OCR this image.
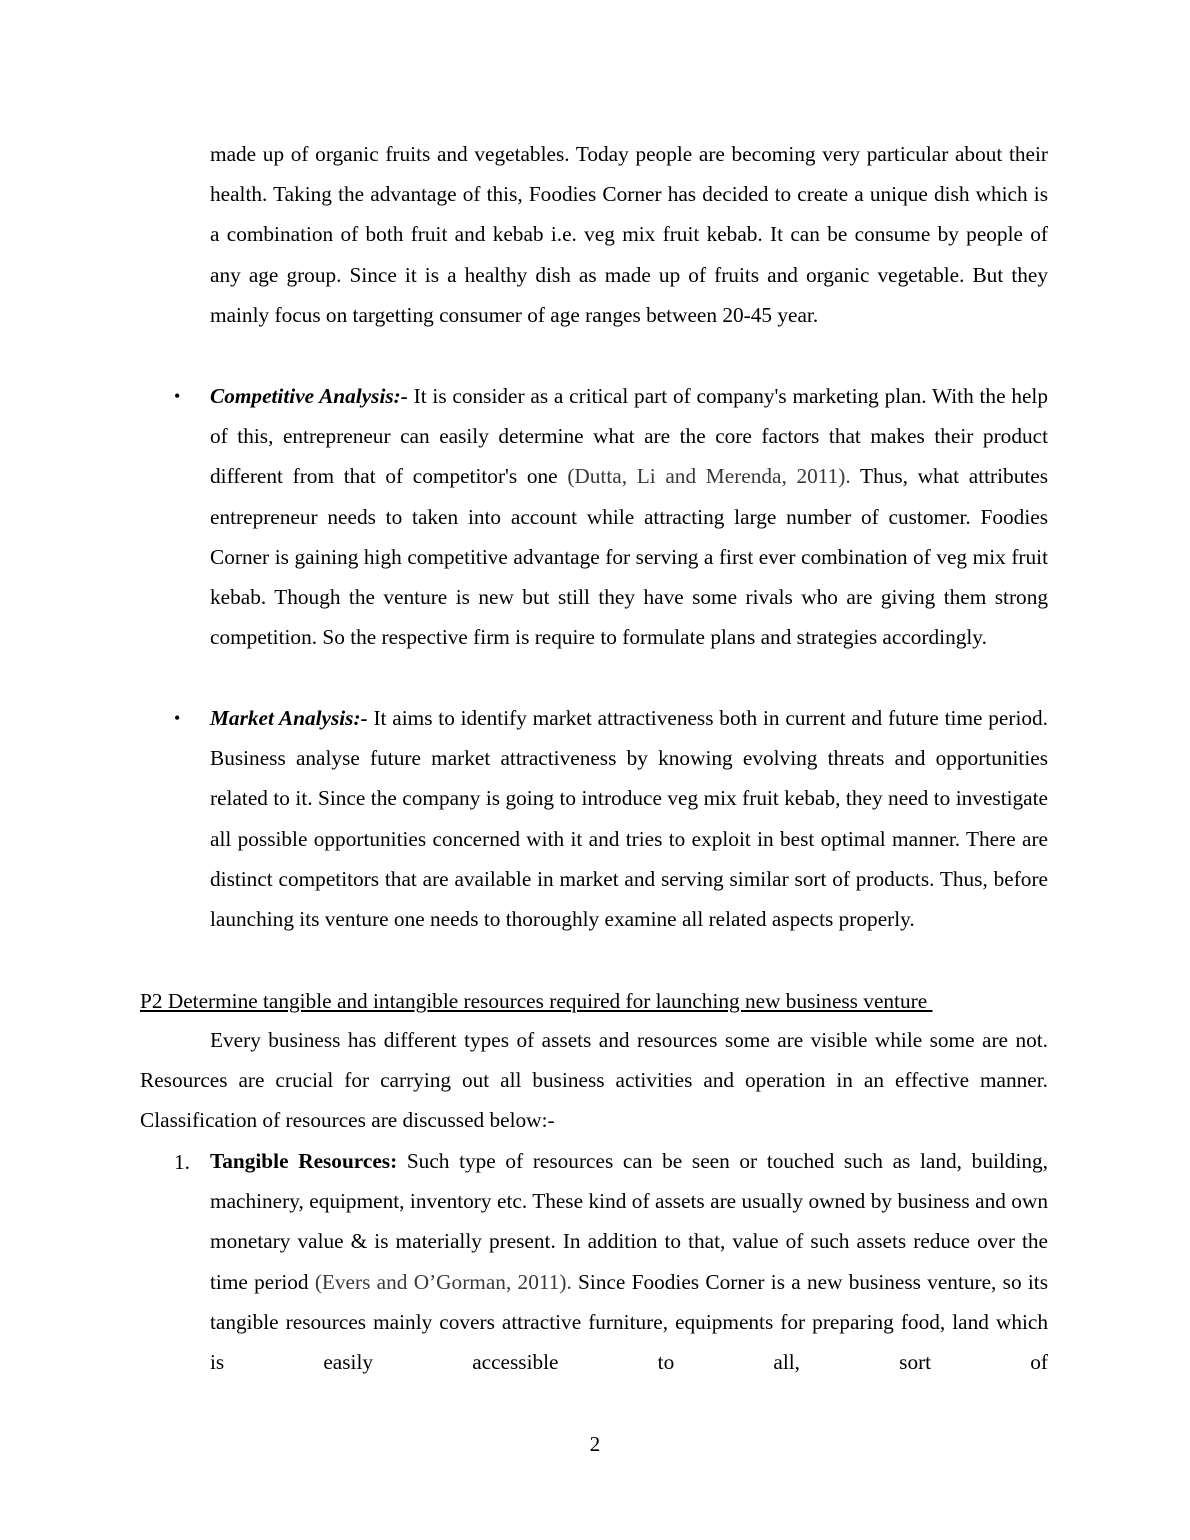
made up of organic fruits and vegetables. Today people are becoming very particular about their health. Taking the advantage of this, Foodies Corner has decided to create a unique dish which is a combination of both fruit and kebab i.e. veg mix fruit kebab. It can be consume by people of any age group. Since it is a healthy dish as made up of fruits and organic vegetable. But they mainly focus on targetting consumer of age ranges between 20-45 year.

• Competitive Analysis:- It is consider as a critical part of company's marketing plan. With the help of this, entrepreneur can easily determine what are the core factors that makes their product different from that of competitor's one (Dutta, Li and Merenda, 2011). Thus, what attributes entrepreneur needs to taken into account while attracting large number of customer. Foodies Corner is gaining high competitive advantage for serving a first ever combination of veg mix fruit kebab. Though the venture is new but still they have some rivals who are giving them strong competition. So the respective firm is require to formulate plans and strategies accordingly.

• Market Analysis:- It aims to identify market attractiveness both in current and future time period. Business analyse future market attractiveness by knowing evolving threats and opportunities related to it. Since the company is going to introduce veg mix fruit kebab, they need to investigate all possible opportunities concerned with it and tries to exploit in best optimal manner. There are distinct competitors that are available in market and serving similar sort of products. Thus, before launching its venture one needs to thoroughly examine all related aspects properly.

P2 Determine tangible and intangible resources required for launching new business venture

Every business has different types of assets and resources some are visible while some are not. Resources are crucial for carrying out all business activities and operation in an effective manner. Classification of resources are discussed below:-

1. Tangible Resources: Such type of resources can be seen or touched such as land, building, machinery, equipment, inventory etc. These kind of assets are usually owned by business and own monetary value & is materially present. In addition to that, value of such assets reduce over the time period (Evers and O’Gorman, 2011). Since Foodies Corner is a new business venture, so its tangible resources mainly covers attractive furniture, equipments for preparing food, land which is easily accessible to all, sort of

2
